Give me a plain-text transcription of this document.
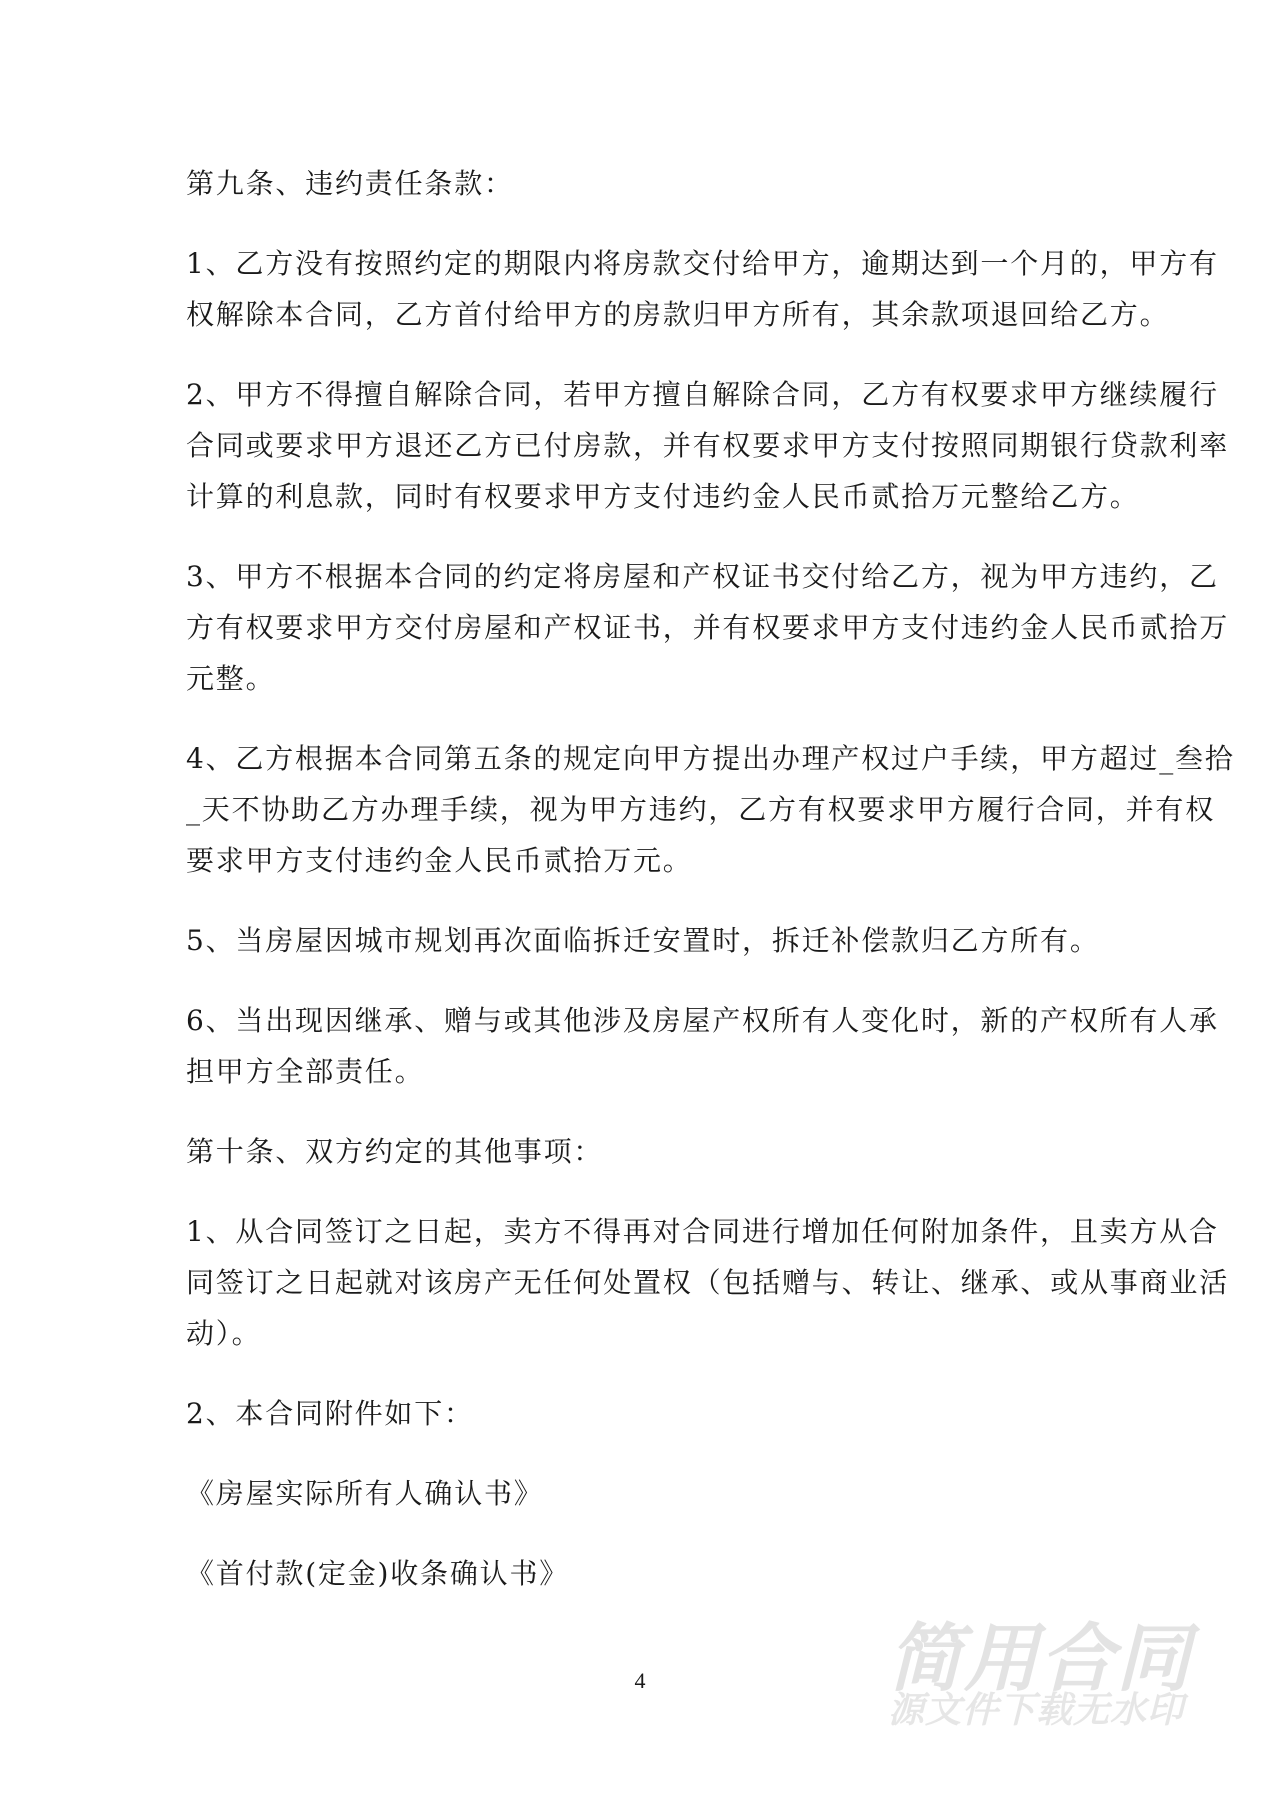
第九条、违约责任条款：
1、乙方没有按照约定的期限内将房款交付给甲方，逾期达到一个月的，甲方有
权解除本合同，乙方首付给甲方的房款归甲方所有，其余款项退回给乙方。
2、甲方不得擅自解除合同，若甲方擅自解除合同，乙方有权要求甲方继续履行
合同或要求甲方退还乙方已付房款，并有权要求甲方支付按照同期银行贷款利率
计算的利息款，同时有权要求甲方支付违约金人民币贰拾万元整给乙方。
3、甲方不根据本合同的约定将房屋和产权证书交付给乙方，视为甲方违约，乙
方有权要求甲方交付房屋和产权证书，并有权要求甲方支付违约金人民币贰拾万
元整。
4、乙方根据本合同第五条的规定向甲方提出办理产权过户手续，甲方超过_叁拾
_天不协助乙方办理手续，视为甲方违约，乙方有权要求甲方履行合同，并有权
要求甲方支付违约金人民币贰拾万元。
5、当房屋因城市规划再次面临拆迁安置时，拆迁补偿款归乙方所有。
6、当出现因继承、赠与或其他涉及房屋产权所有人变化时，新的产权所有人承
担甲方全部责任。
第十条、双方约定的其他事项：
1、从合同签订之日起，卖方不得再对合同进行增加任何附加条件，且卖方从合
同签订之日起就对该房产无任何处置权（包括赠与、转让、继承、或从事商业活
动）。
2、本合同附件如下：
《房屋实际所有人确认书》
《首付款(定金)收条确认书》
4	简用合同
源文件下载无水印
